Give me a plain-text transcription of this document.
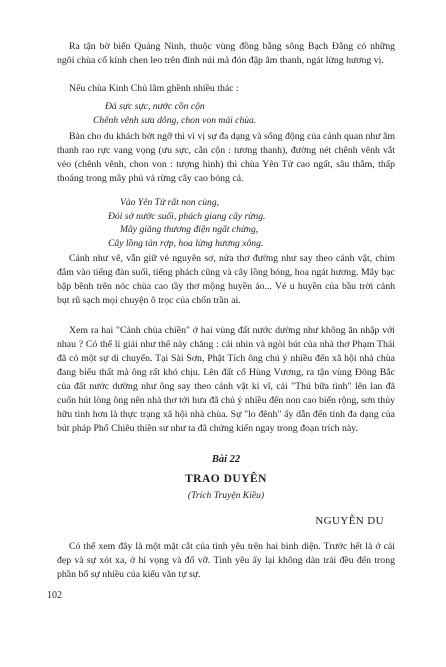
Ra tận bờ biển Quảng Ninh, thuộc vùng đồng bằng sông Bạch Đằng có những ngôi chùa cổ kính chen leo trên đỉnh núi mà đón đập âm thanh, ngát lừng hương vị.

Nếu chùa Kinh Chủ lâm ghềnh nhiều thác :

Đá sực sực, nước cồn cộn
Chênh vênh sưa dông, chon von mái chùa.

Bàn cho du khách bớt ngỡ thì vì vị sự đa dạng và sống động của cảnh quan như âm thanh rao rực vang vọng (ưu sực, cắn cộn : tương thanh), đường nét chênh vênh vắt vẻo (chênh vênh, chon von : tượng hình) thì chùa Yên Tử cao ngất, sâu thẳm, thấp thoáng trong mây phủ và rừng cây cao bóng cả.

Vào Yên Tử rất non cùng,
Đói sở nước suối, phách giang cây rừng.
Mây giăng thương điện ngất chừng,
Cây lồng tản rợp, hoa lừng hương xông.

Cảnh như vẽ, vẫn giữ vẻ nguyên sơ, nửa thơ đường như say theo cảnh vật, chìm đắm vào tiếng đàn suối, tiếng phách cũng và cây lồng bóng, hoa ngát hương. Mây bạc bập bềnh trên nóc chùa cao tầy thơ mộng huyền ảo... Vẻ u huyền của bầu trời cảnh bụt rũ sạch mọi chuyện ô trọc của chốn trần ai.

Xem ra hai "Cảnh chùa chiền" ở hai vùng đất nước dường như không ăn nhập với nhau ? Có thể lí giải như thế này chăng : cái nhìn và ngòi bút của nhà thơ Phạm Thái đã có một sự di chuyển. Tại Sài Sơn, Phật Tích ông chú ý nhiều đến xã hội nhà chùa đang biểu thất mà ông rất khó chịu. Lên đất cổ Hùng Vương, ra tận vùng Đông Bắc của đất nước dường như ông say theo cảnh vật kì vĩ, cái "Thú bữa tình" lên lan đã cuốn hút lòng ông nên nhà thơ tới hưa đã chủ ý nhiều đến non cao biển rộng, sơn thủy hữu tình hơn là thực trạng xã hội nhà chùa. Sự "lo đênh" ấy dẫn đến tính đa dạng của bút pháp Phổ Chiêu thiền sư như ta đã chứng kiến ngay trong đoạn trích này.

Bài 22

TRAO DUYÊN

(Trích Truyện Kiều)

NGUYỄN DU

Có thể xem đây là một mặt cắt của tình yêu trên hai bình diện. Trước hết là ở cái đẹp và sự xót xa, ở hi vọng và đổ vỡ. Tình yêu ấy lại không dàn trải đều đến trong phần bổ sự nhiều của kiểu văn tự sự.

102
